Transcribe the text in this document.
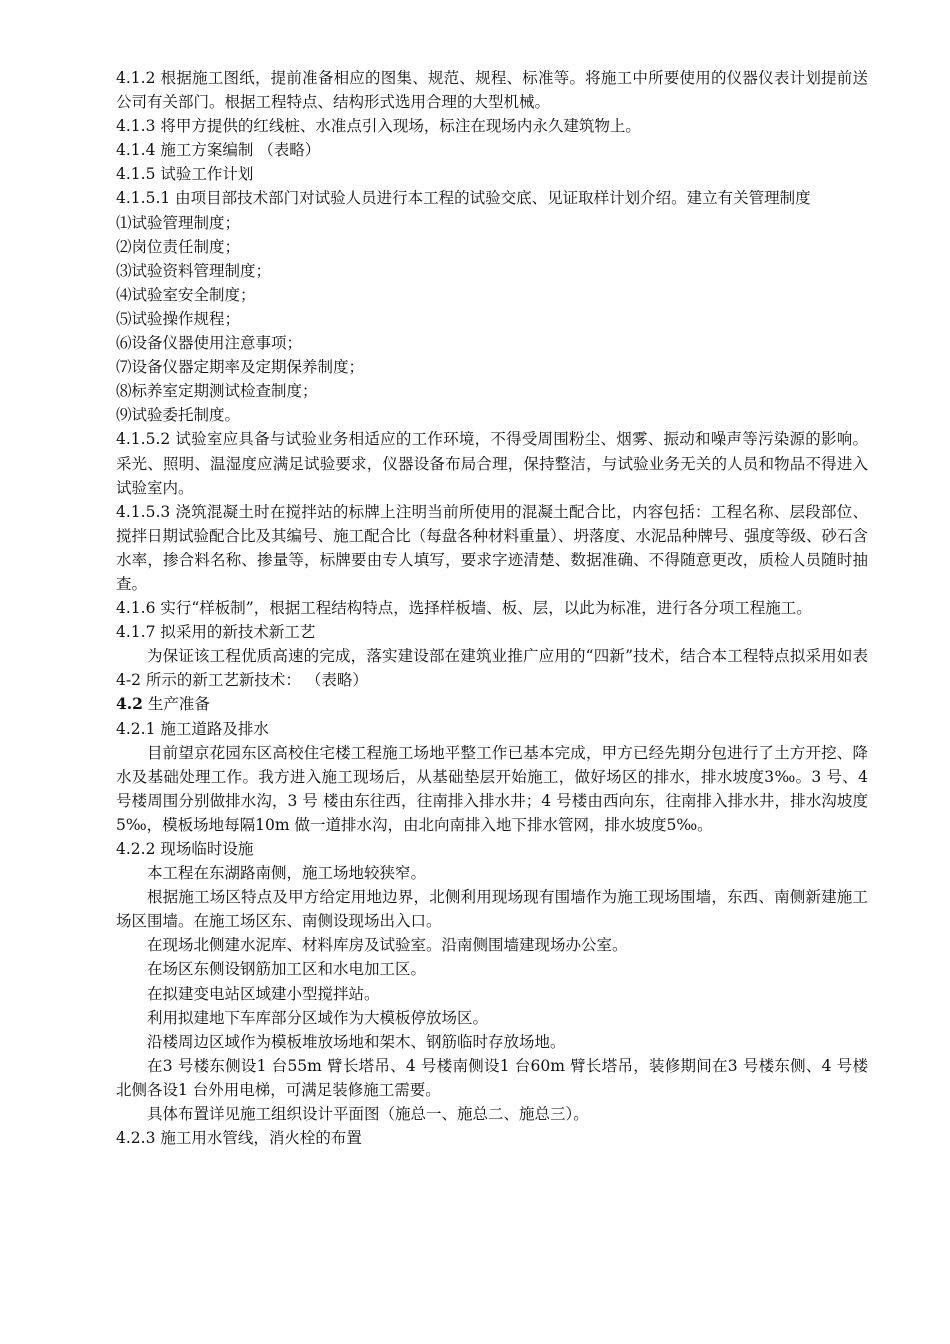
4.1.2 根据施工图纸，提前准备相应的图集、规范、规程、标准等。将施工中所要使用的仪器仪表计划提前送公司有关部门。根据工程特点、结构形式选用合理的大型机械。

4.1.3 将甲方提供的红线桩、水准点引入现场，标注在现场内永久建筑物上。

4.1.4 施工方案编制 （表略）

4.1.5 试验工作计划

4.1.5.1 由项目部技术部门对试验人员进行本工程的试验交底、见证取样计划介绍。建立有关管理制度

⑴试验管理制度；

⑵岗位责任制度；

⑶试验资料管理制度；

⑷试验室安全制度；

⑸试验操作规程；

⑹设备仪器使用注意事项；

⑺设备仪器定期率及定期保养制度；

⑻标养室定期测试检查制度；

⑼试验委托制度。

4.1.5.2 试验室应具备与试验业务相适应的工作环境，不得受周围粉尘、烟雾、振动和噪声等污染源的影响。采光、照明、温湿度应满足试验要求，仪器设备布局合理，保持整洁，与试验业务无关的人员和物品不得进入试验室内。

4.1.5.3 浇筑混凝土时在搅拌站的标牌上注明当前所使用的混凝土配合比，内容包括：工程名称、层段部位、搅拌日期试验配合比及其编号、施工配合比（每盘各种材料重量）、坍落度、水泥品种牌号、强度等级、砂石含水率，掺合料名称、掺量等，标牌要由专人填写，要求字迹清楚、数据准确、不得随意更改，质检人员随时抽查。

4.1.6 实行“样板制”，根据工程结构特点，选择样板墙、板、层，以此为标准，进行各分项工程施工。

4.1.7 拟采用的新技术新工艺

为保证该工程优质高速的完成，落实建设部在建筑业推广应用的“四新”技术，结合本工程特点拟采用如表4-2 所示的新工艺新技术： （表略）

4.2 生产准备

4.2.1 施工道路及排水

目前望京花园东区高校住宅楼工程施工场地平整工作已基本完成，甲方已经先期分包进行了土方开挖、降水及基础处理工作。我方进入施工现场后，从基础垫层开始施工，做好场区的排水，排水坡度3‰。3 号、4 号楼周围分别做排水沟，3 号 楼由东往西，往南排入排水井；4 号楼由西向东，往南排入排水井，排水沟坡度5‰，模板场地每隔10m 做一道排水沟，由北向南排入地下排水管网，排水坡度5‰。

4.2.2 现场临时设施

本工程在东湖路南侧，施工场地较狭窄。

根据施工场区特点及甲方给定用地边界，北侧利用现场现有围墙作为施工现场围墙，东西、南侧新建施工场区围墙。在施工场区东、南侧设现场出入口。

在现场北侧建水泥库、材料库房及试验室。沿南侧围墙建现场办公室。

在场区东侧设钢筋加工区和水电加工区。

在拟建变电站区域建小型搅拌站。

利用拟建地下车库部分区域作为大模板停放场区。

沿楼周边区域作为模板堆放场地和架木、钢筋临时存放场地。

在3 号楼东侧设1 台55m 臂长塔吊、4 号楼南侧设1 台60m 臂长塔吊，装修期间在3 号楼东侧、4 号楼北侧各设1 台外用电梯，可满足装修施工需要。

具体布置详见施工组织设计平面图（施总一、施总二、施总三）。

4.2.3 施工用水管线，消火栓的布置
